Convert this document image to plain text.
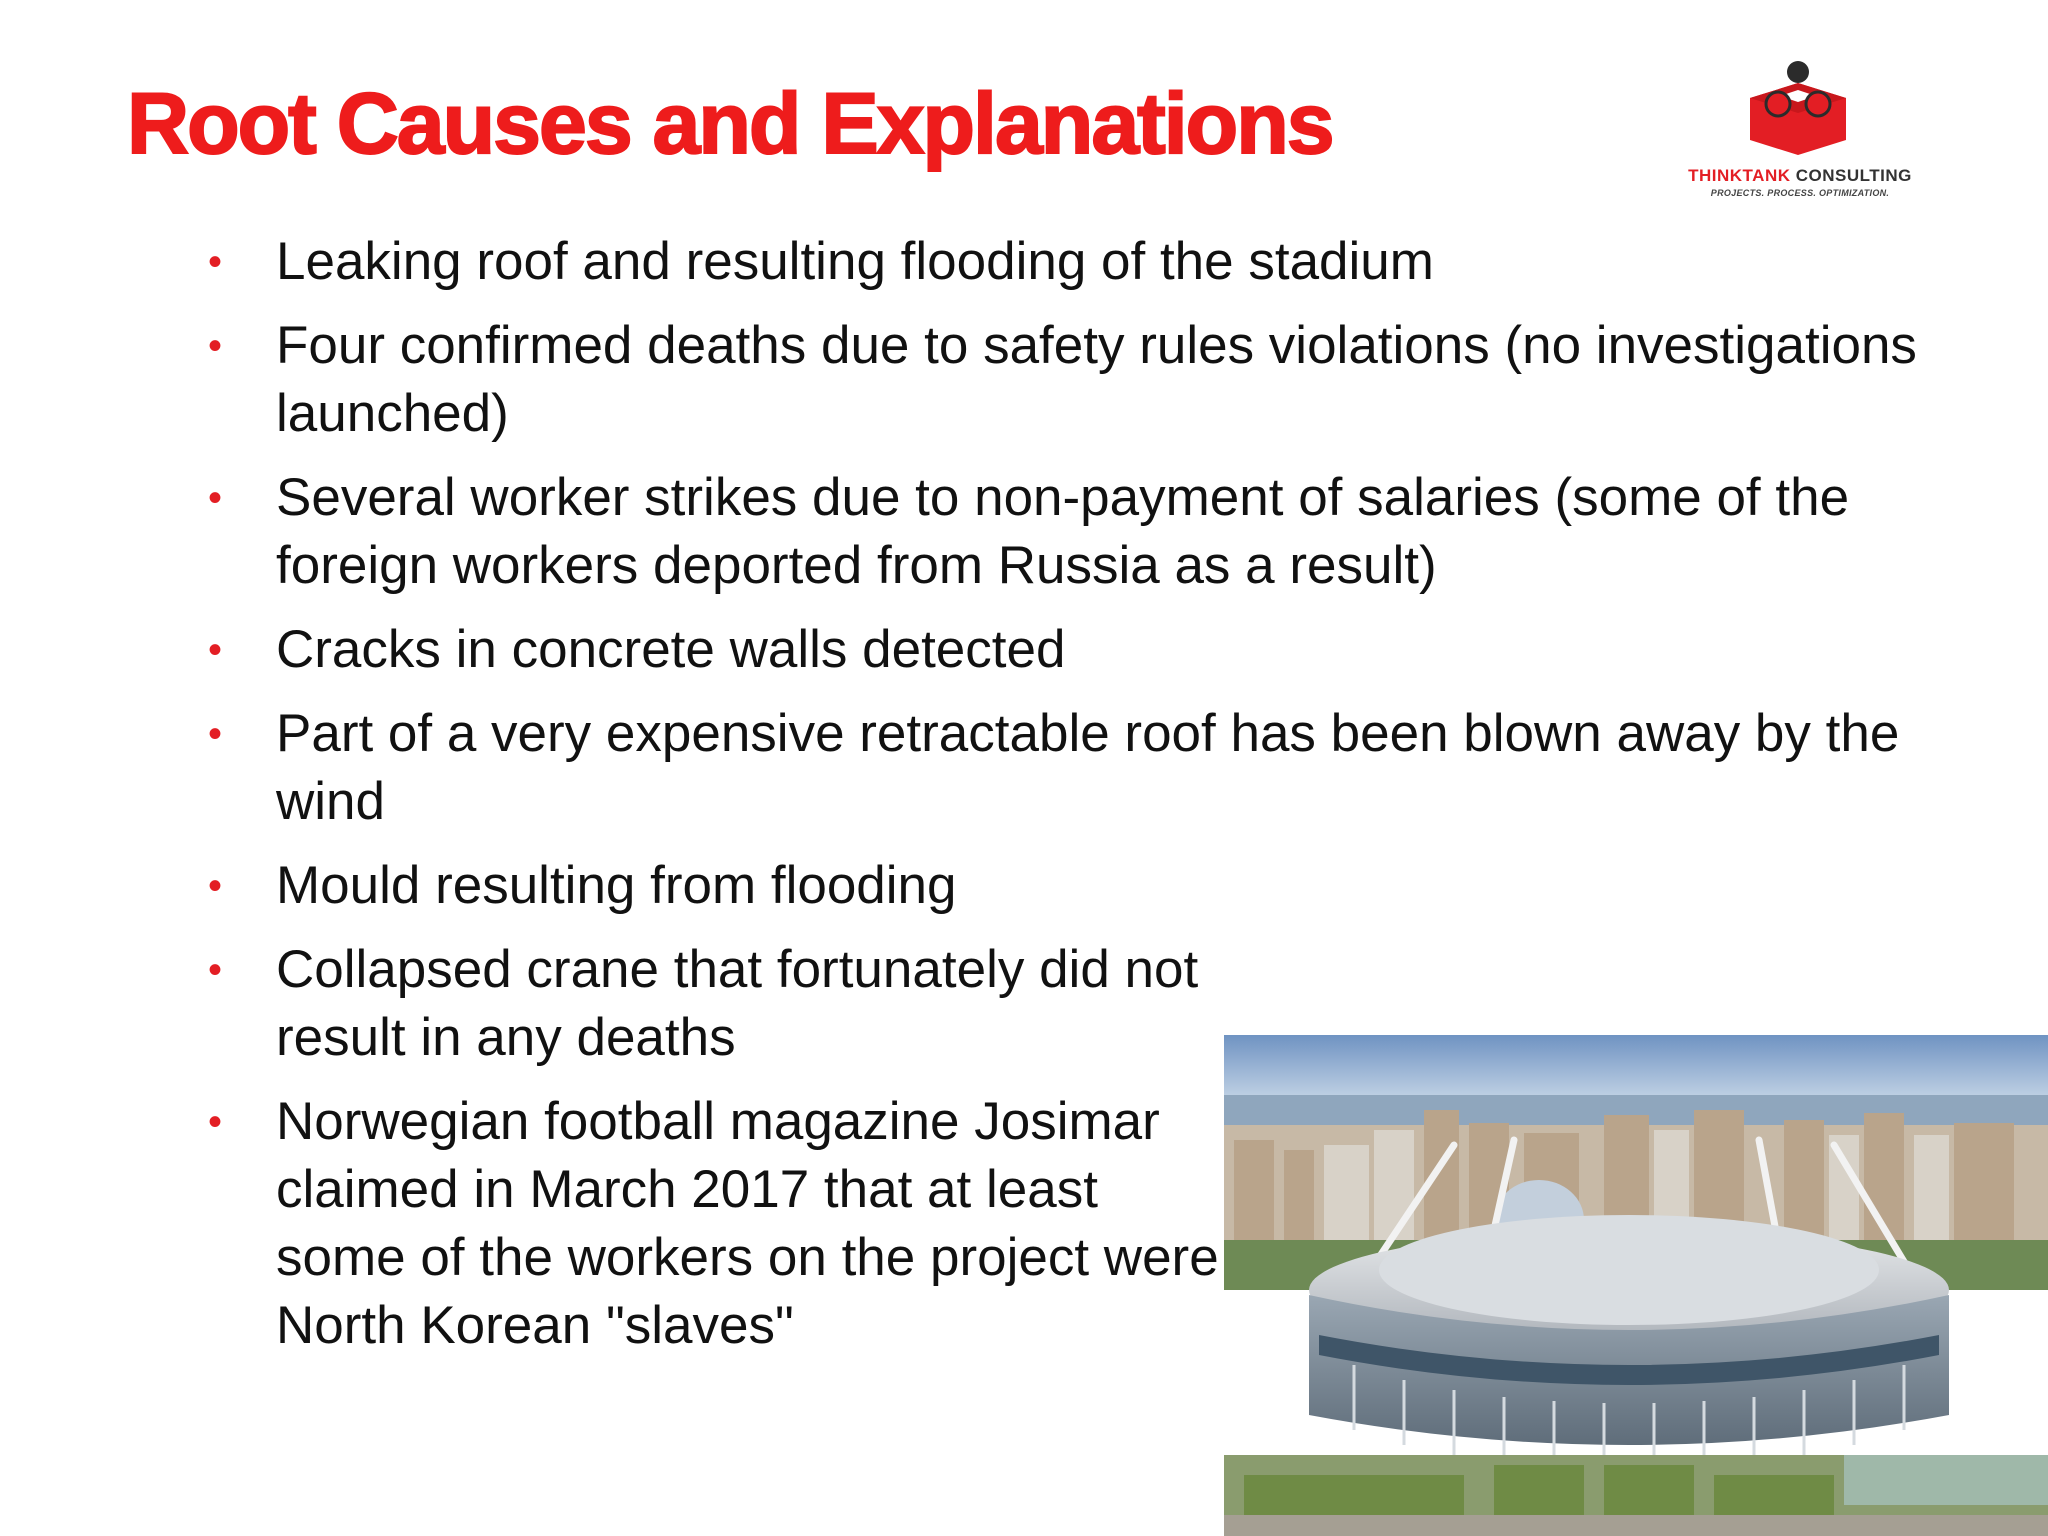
Root Causes and Explanations
THINKTANK CONSULTING
PROJECTS. PROCESS. OPTIMIZATION.
• Leaking roof and resulting flooding of the stadium
• Four confirmed deaths due to safety rules violations (no investigations launched)
• Several worker strikes due to non-payment of salaries (some of the foreign workers deported from Russia as a result)
• Cracks in concrete walls detected
• Part of a very expensive retractable roof has been blown away by the wind
• Mould resulting from flooding
• Collapsed crane that fortunately did not result in any deaths
• Norwegian football magazine Josimar claimed in March 2017 that at least some of the workers on the project were North Korean "slaves"
